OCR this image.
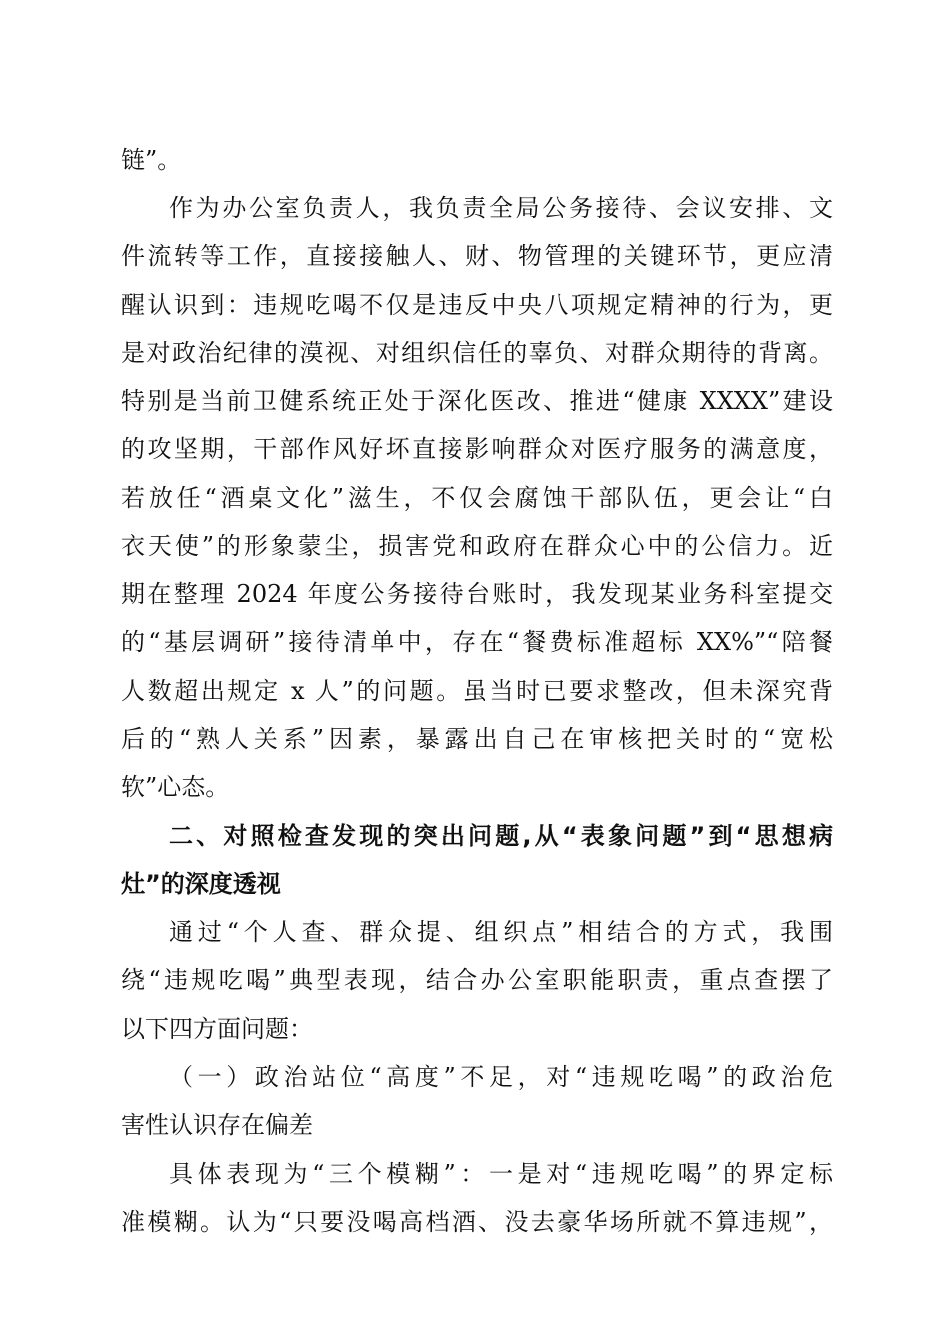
链”。
作为办公室负责人，我负责全局公务接待、会议安排、文
件流转等工作，直接接触人、财、物管理的关键环节，更应清
醒认识到：违规吃喝不仅是违反中央八项规定精神的行为，更
是对政治纪律的漠视、对组织信任的辜负、对群众期待的背离。
特别是当前卫健系统正处于深化医改、推进“健康 XXXX”建设
的攻坚期，干部作风好坏直接影响群众对医疗服务的满意度，
若放任“酒桌文化”滋生，不仅会腐蚀干部队伍，更会让“白
衣天使”的形象蒙尘，损害党和政府在群众心中的公信力。近
期在整理 2024 年度公务接待台账时，我发现某业务科室提交
的“基层调研”接待清单中，存在“餐费标准超标 XX%”“陪餐
人数超出规定 x 人”的问题。虽当时已要求整改，但未深究背
后的“熟人关系”因素，暴露出自己在审核把关时的“宽松
软”心态。
二、对照检查发现的突出问题,从“表象问题”到“思想病
灶”的深度透视
通过“个人查、群众提、组织点”相结合的方式，我围
绕“违规吃喝”典型表现，结合办公室职能职责，重点查摆了
以下四方面问题：
（一）政治站位“高度”不足，对“违规吃喝”的政治危
害性认识存在偏差
具体表现为“三个模糊”：一是对“违规吃喝”的界定标
准模糊。认为“只要没喝高档酒、没去豪华场所就不算违规”，
